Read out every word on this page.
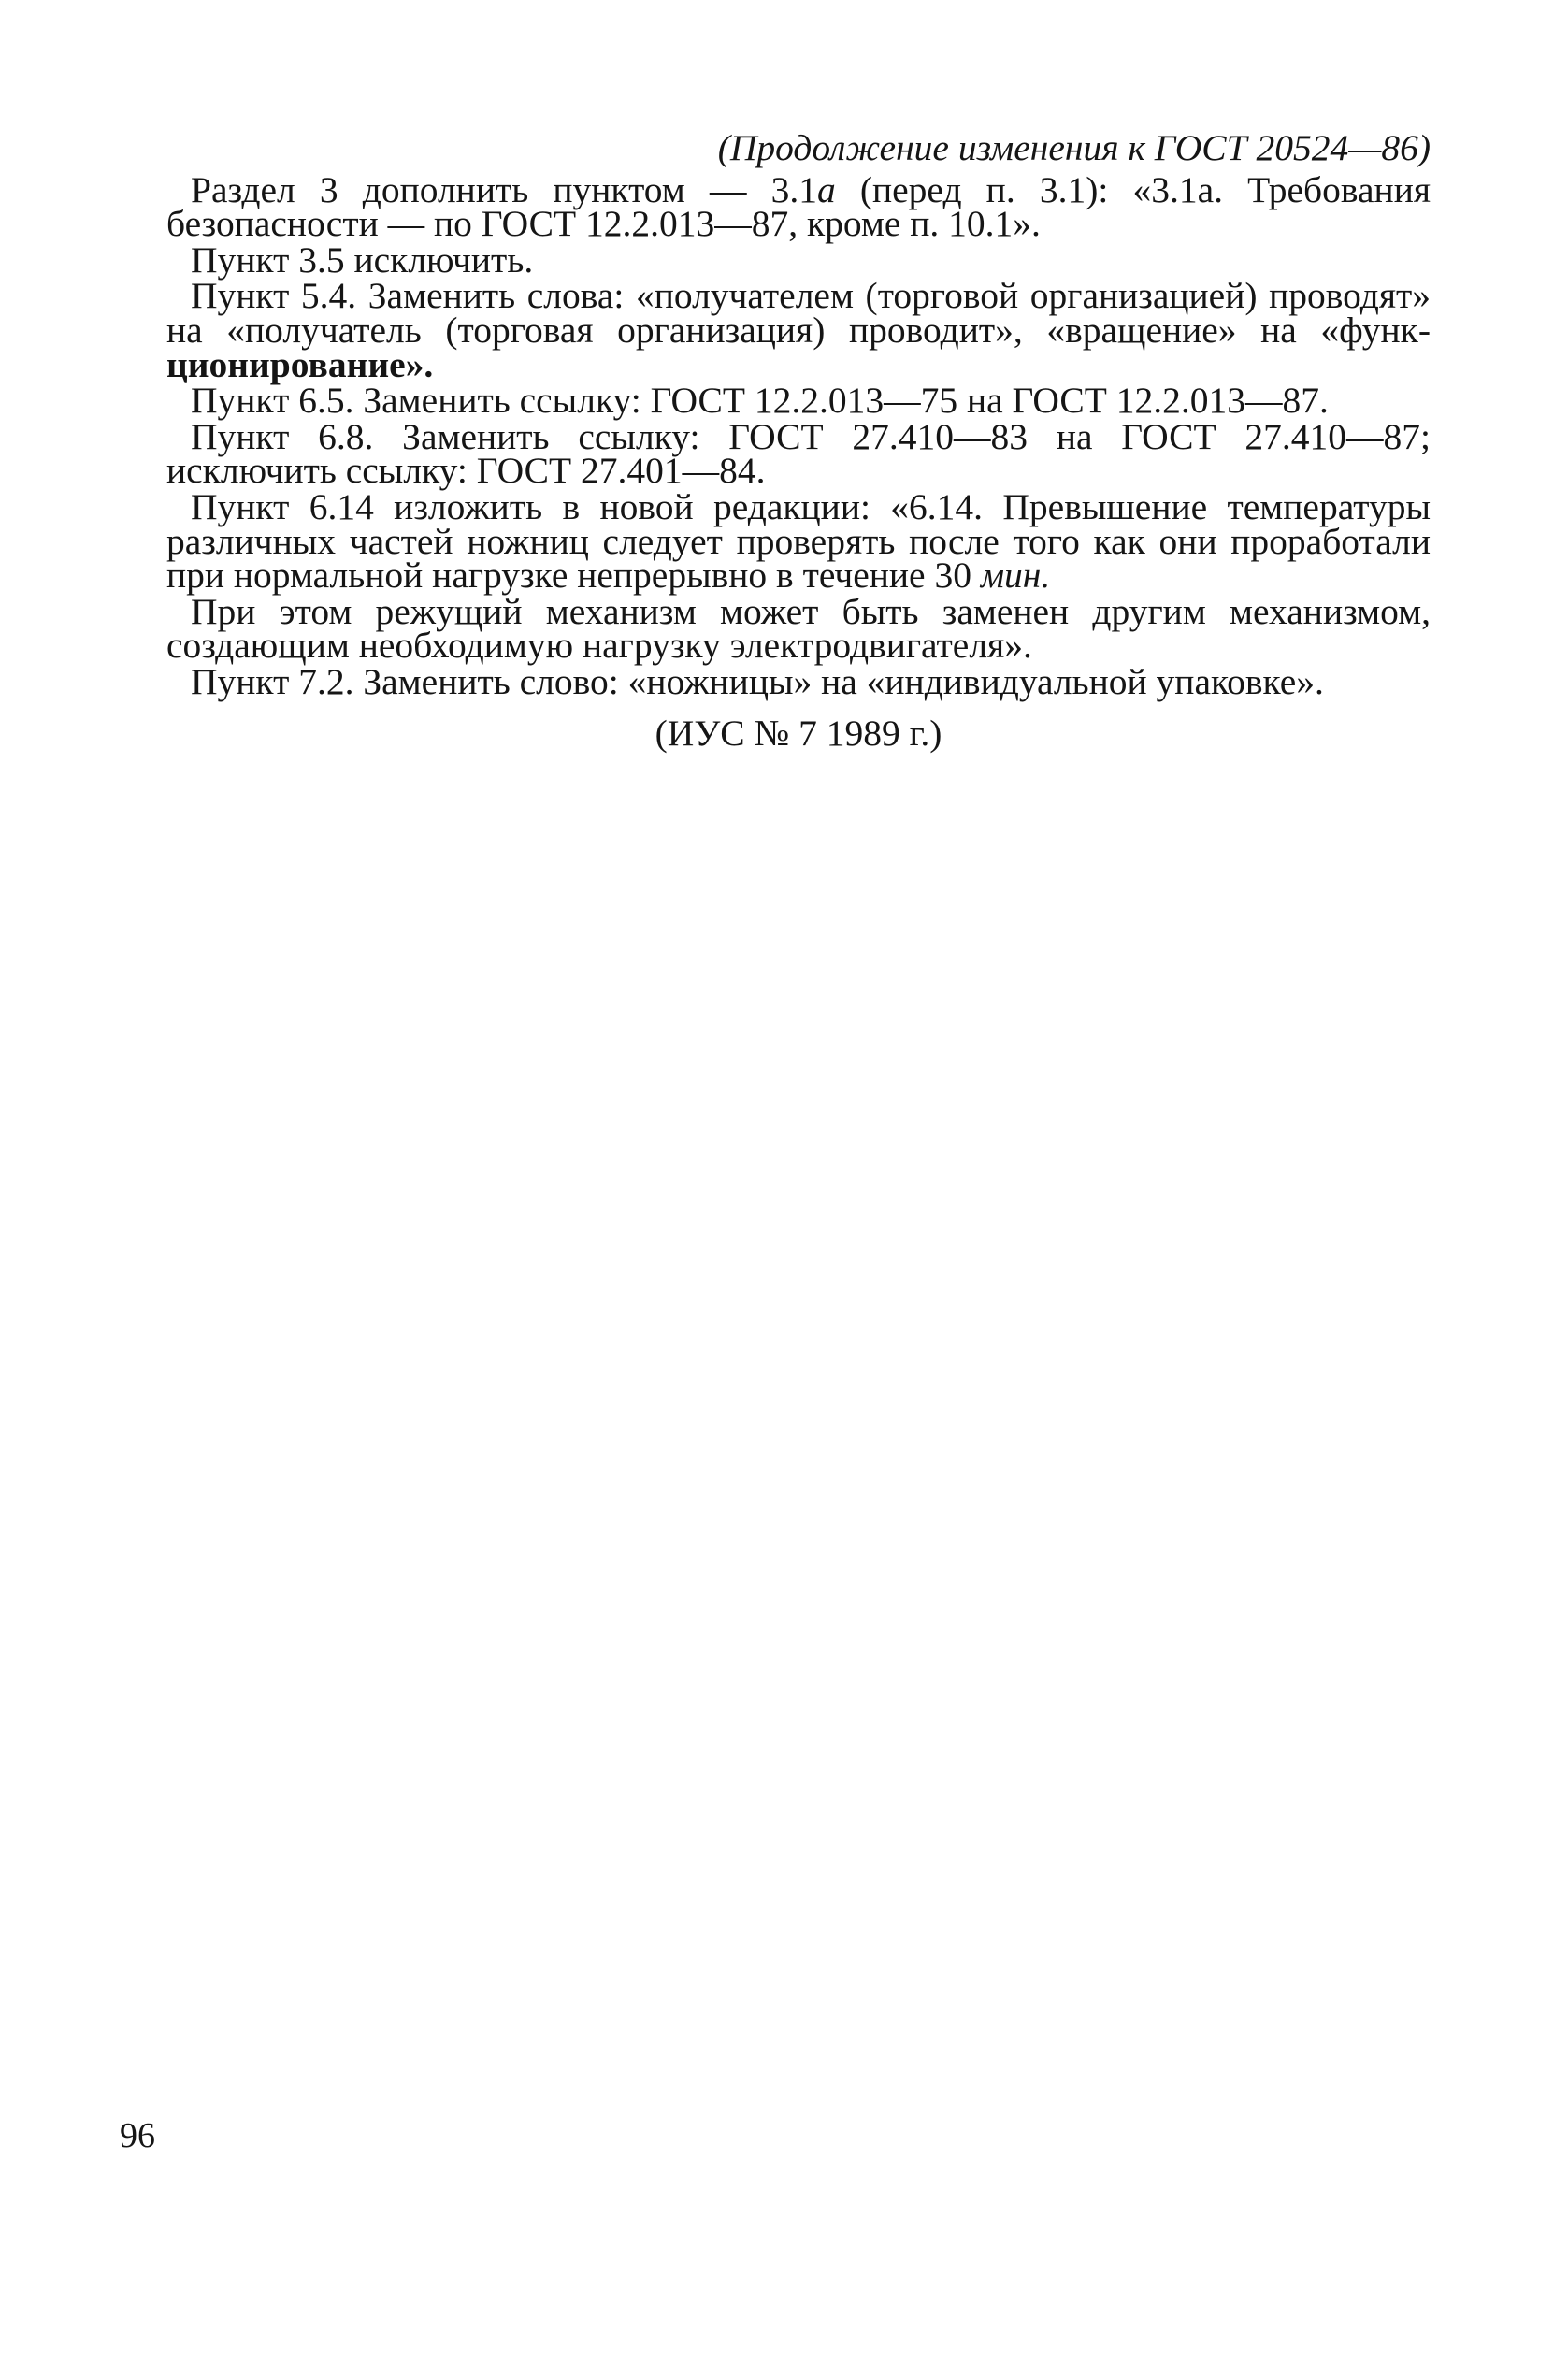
(Продолжение изменения к ГОСТ 20524—86)

Раздел 3 дополнить пунктом — 3.1а (перед п. 3.1): «3.1а. Требования безопасности — по ГОСТ 12.2.013—87, кроме п. 10.1».

Пункт 3.5 исключить.

Пункт 5.4. Заменить слова: «получателем (торговой организацией) проводят» на «получатель (торговая организация) проводит», «вращение» на «функ-ционирование».

Пункт 6.5. Заменить ссылку: ГОСТ 12.2.013—75 на ГОСТ 12.2.013—87.

Пункт 6.8. Заменить ссылку: ГОСТ 27.410—83 на ГОСТ 27.410—87; исключить ссылку: ГОСТ 27.401—84.

Пункт 6.14 изложить в новой редакции: «6.14. Превышение температуры различных частей ножниц следует проверять после того как они проработали при нормальной нагрузке непрерывно в течение 30 мин.

При этом режущий механизм может быть заменен другим механизмом, создающим необходимую нагрузку электродвигателя».

Пункт 7.2. Заменить слово: «ножницы» на «индивидуальной упаковке».

(ИУС № 7 1989 г.)
96
